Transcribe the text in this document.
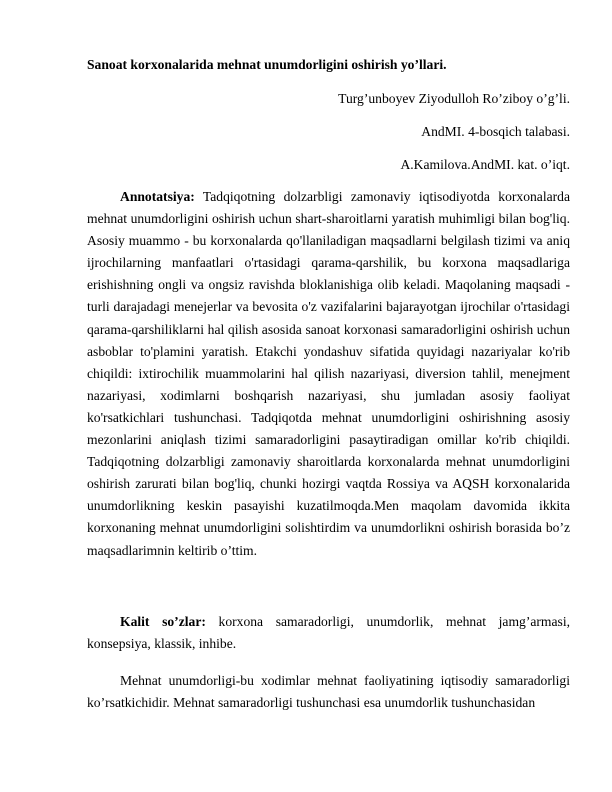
Sanoat korxonalarida mehnat unumdorligini oshirish yo’llari.
Turg’unboyev Ziyodulloh Ro’ziboy o’g’li.
AndMI. 4-bosqich talabasi.
A.Kamilova.AndMI. kat. o’iqt.

Annotatsiya: Tadqiqotning dolzarbligi zamonaviy iqtisodiyotda korxonalarda mehnat unumdorligini oshirish uchun shart-sharoitlarni yaratish muhimligi bilan bog'liq. Asosiy muammo - bu korxonalarda qo'llaniladigan maqsadlarni belgilash tizimi va aniq ijrochilarning manfaatlari o'rtasidagi qarama-qarshilik, bu korxona maqsadlariga erishishning ongli va ongsiz ravishda bloklanishiga olib keladi. Maqolaning maqsadi - turli darajadagi menejerlar va bevosita o'z vazifalarini bajarayotgan ijrochilar o'rtasidagi qarama-qarshiliklarni hal qilish asosida sanoat korxonasi samaradorligini oshirish uchun asboblar to'plamini yaratish. Etakchi yondashuv sifatida quyidagi nazariyalar ko'rib chiqildi: ixtirochilik muammolarini hal qilish nazariyasi, diversion tahlil, menejment nazariyasi, xodimlarni boshqarish nazariyasi, shu jumladan asosiy faoliyat ko'rsatkichlari tushunchasi. Tadqiqotda mehnat unumdorligini oshirishning asosiy mezonlarini aniqlash tizimi samaradorligini pasaytiradigan omillar ko'rib chiqildi. Tadqiqotning dolzarbligi zamonaviy sharoitlarda korxonalarda mehnat unumdorligini oshirish zarurati bilan bog'liq, chunki hozirgi vaqtda Rossiya va AQSH korxonalarida unumdorlikning keskin pasayishi kuzatilmoqda.Men maqolam davomida ikkita korxonaning mehnat unumdorligini solishtirdim va unumdorlikni oshirish borasida bo’z maqsadlarimnin keltirib o’ttim.

Kalit so’zlar: korxona samaradorligi, unumdorlik, mehnat jamg’armasi, konsepsiya, klassik, inhibe.

Mehnat unumdorligi-bu xodimlar mehnat faoliyatining iqtisodiy samaradorligi ko’rsatkichidir. Mehnat samaradorligi tushunchasi esa unumdorlik tushunchasidan
